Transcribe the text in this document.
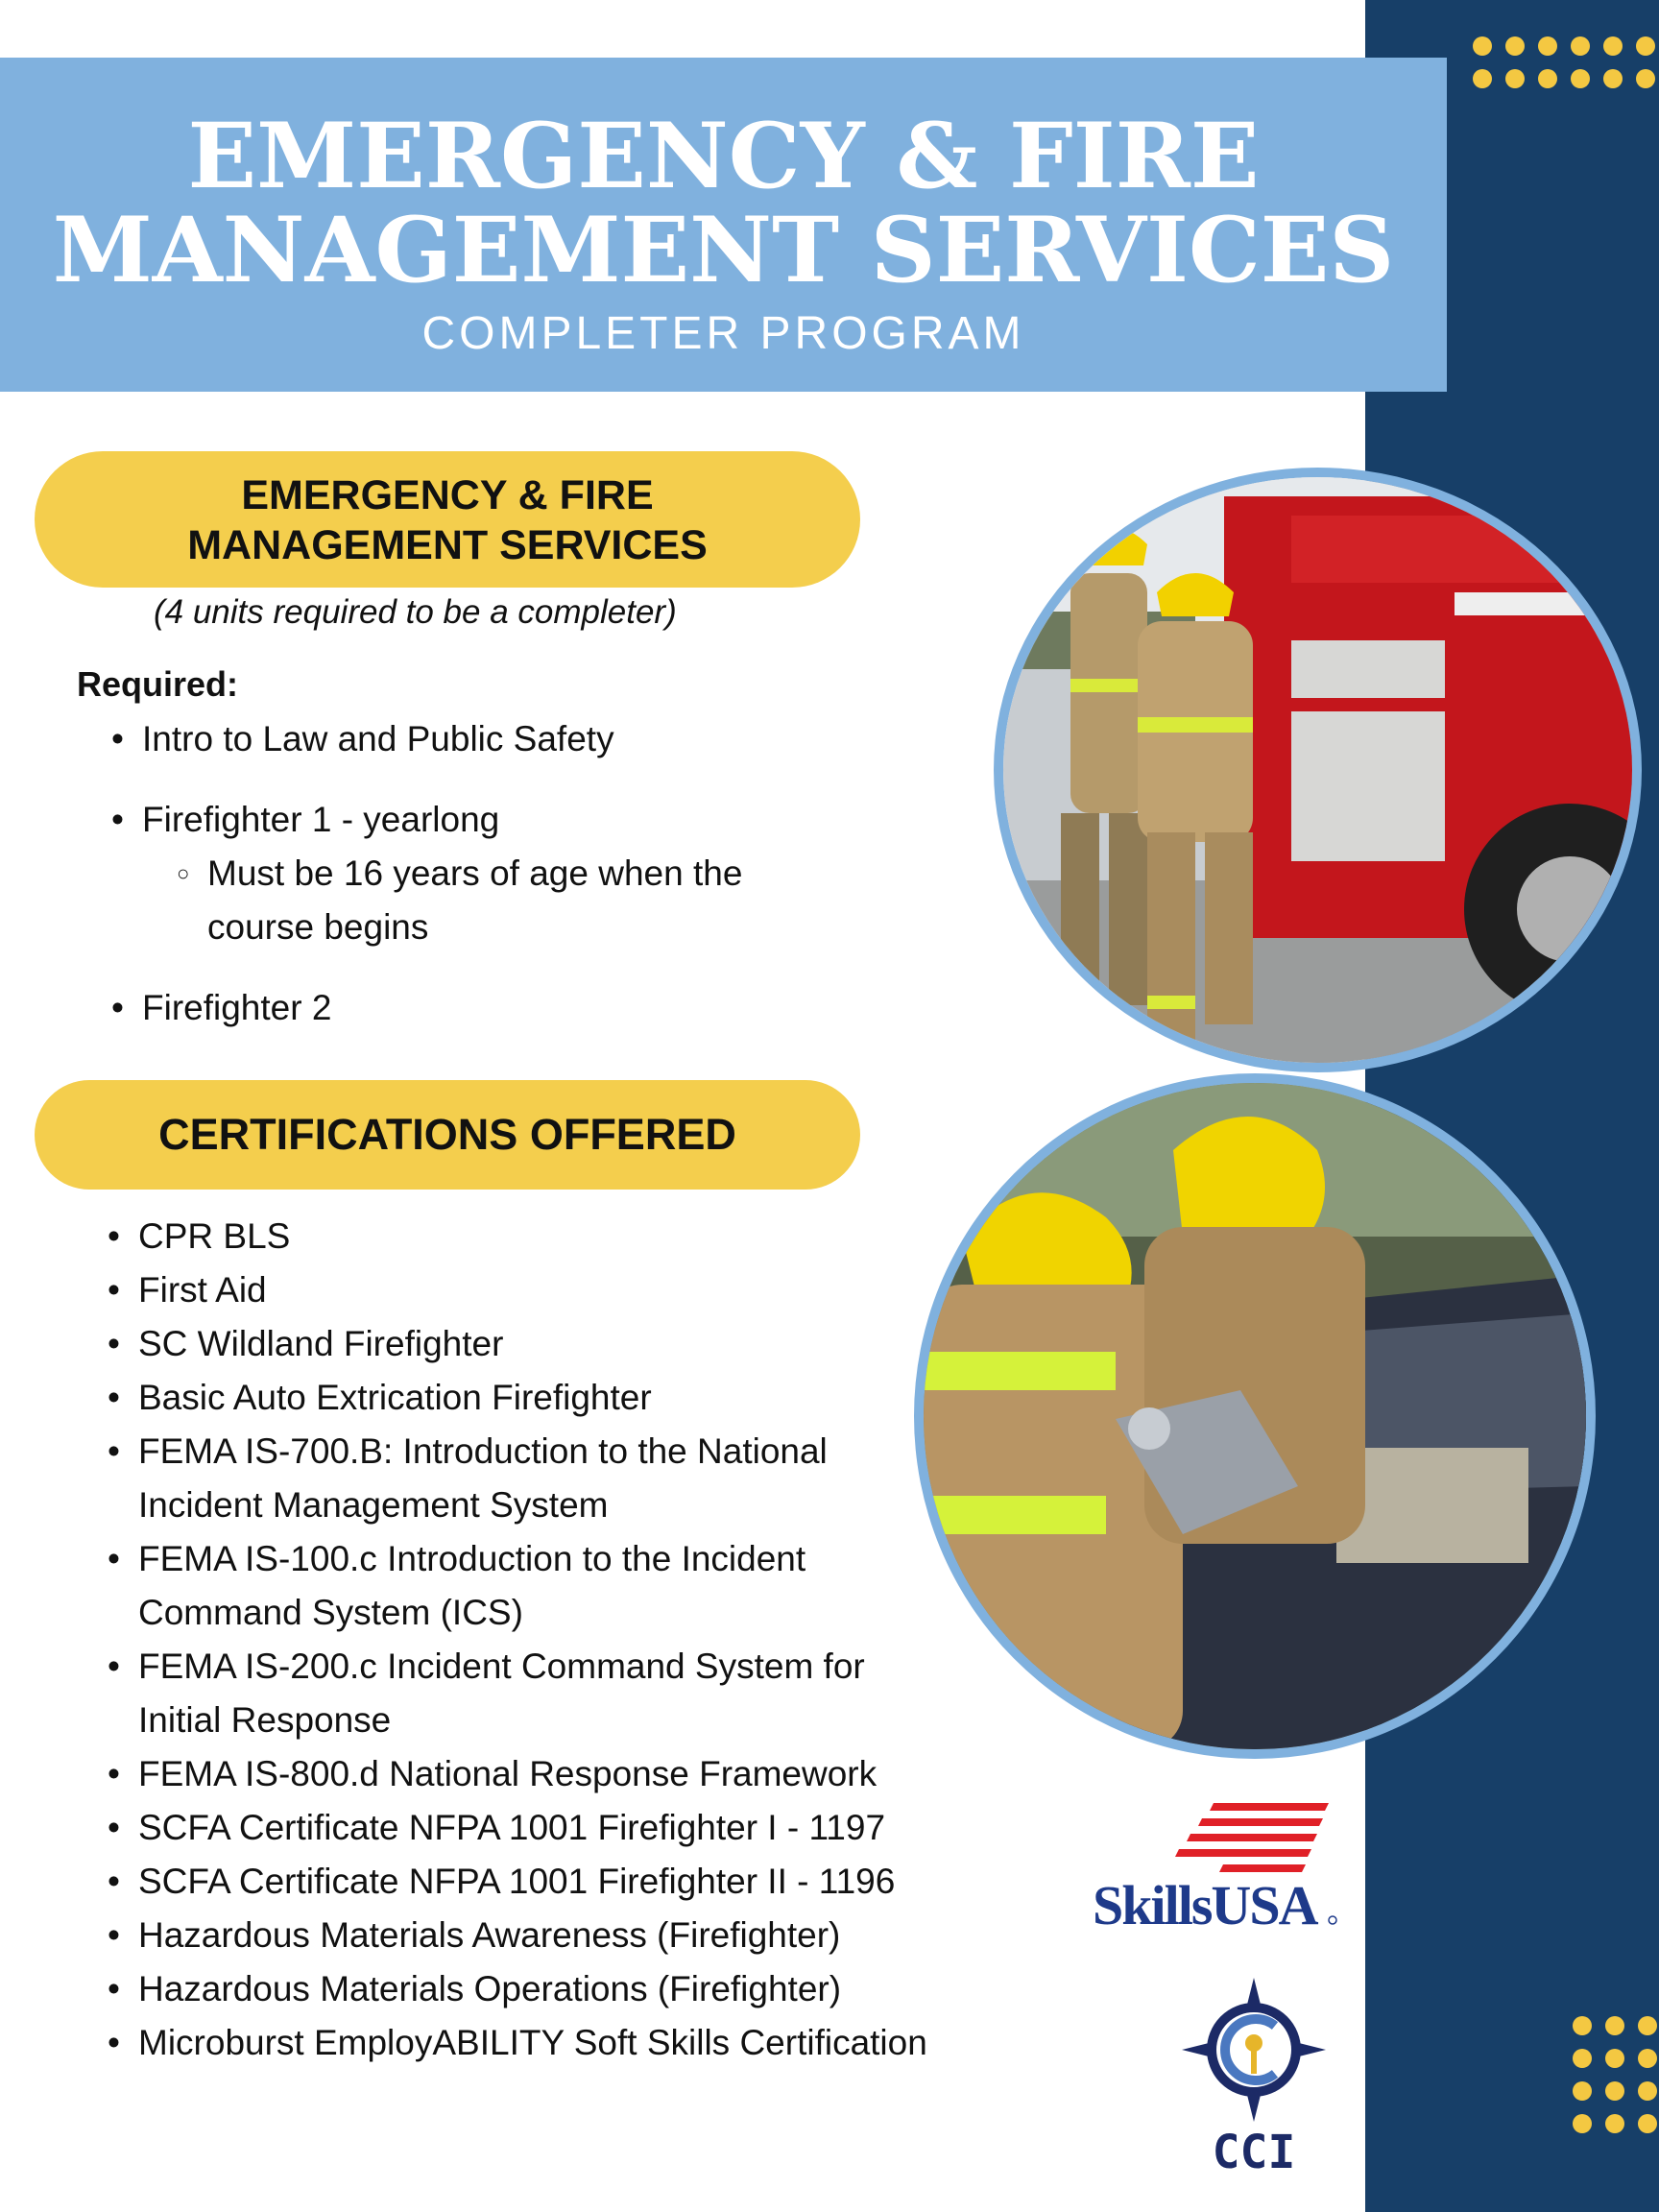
EMERGENCY & FIRE
MANAGEMENT SERVICES
COMPLETER PROGRAM
EMERGENCY & FIRE
MANAGEMENT SERVICES
(4 units required to be a completer)
Required:
• Intro to Law and Public Safety
• Firefighter 1 - yearlong
○ Must be 16 years of age when the course begins
• Firefighter 2
CERTIFICATIONS OFFERED
• CPR BLS
• First Aid
• SC Wildland Firefighter
• Basic Auto Extrication Firefighter
• FEMA IS-700.B: Introduction to the National Incident Management System
• FEMA IS-100.c Introduction to the Incident Command System (ICS)
• FEMA IS-200.c Incident Command System for Initial Response
• FEMA IS-800.d National Response Framework
• SCFA Certificate NFPA 1001 Firefighter I - 1197
• SCFA Certificate NFPA 1001 Firefighter II - 1196
• Hazardous Materials Awareness (Firefighter)
• Hazardous Materials Operations (Firefighter)
• Microburst EmployABILITY Soft Skills Certification
SkillsUSA
CCI
